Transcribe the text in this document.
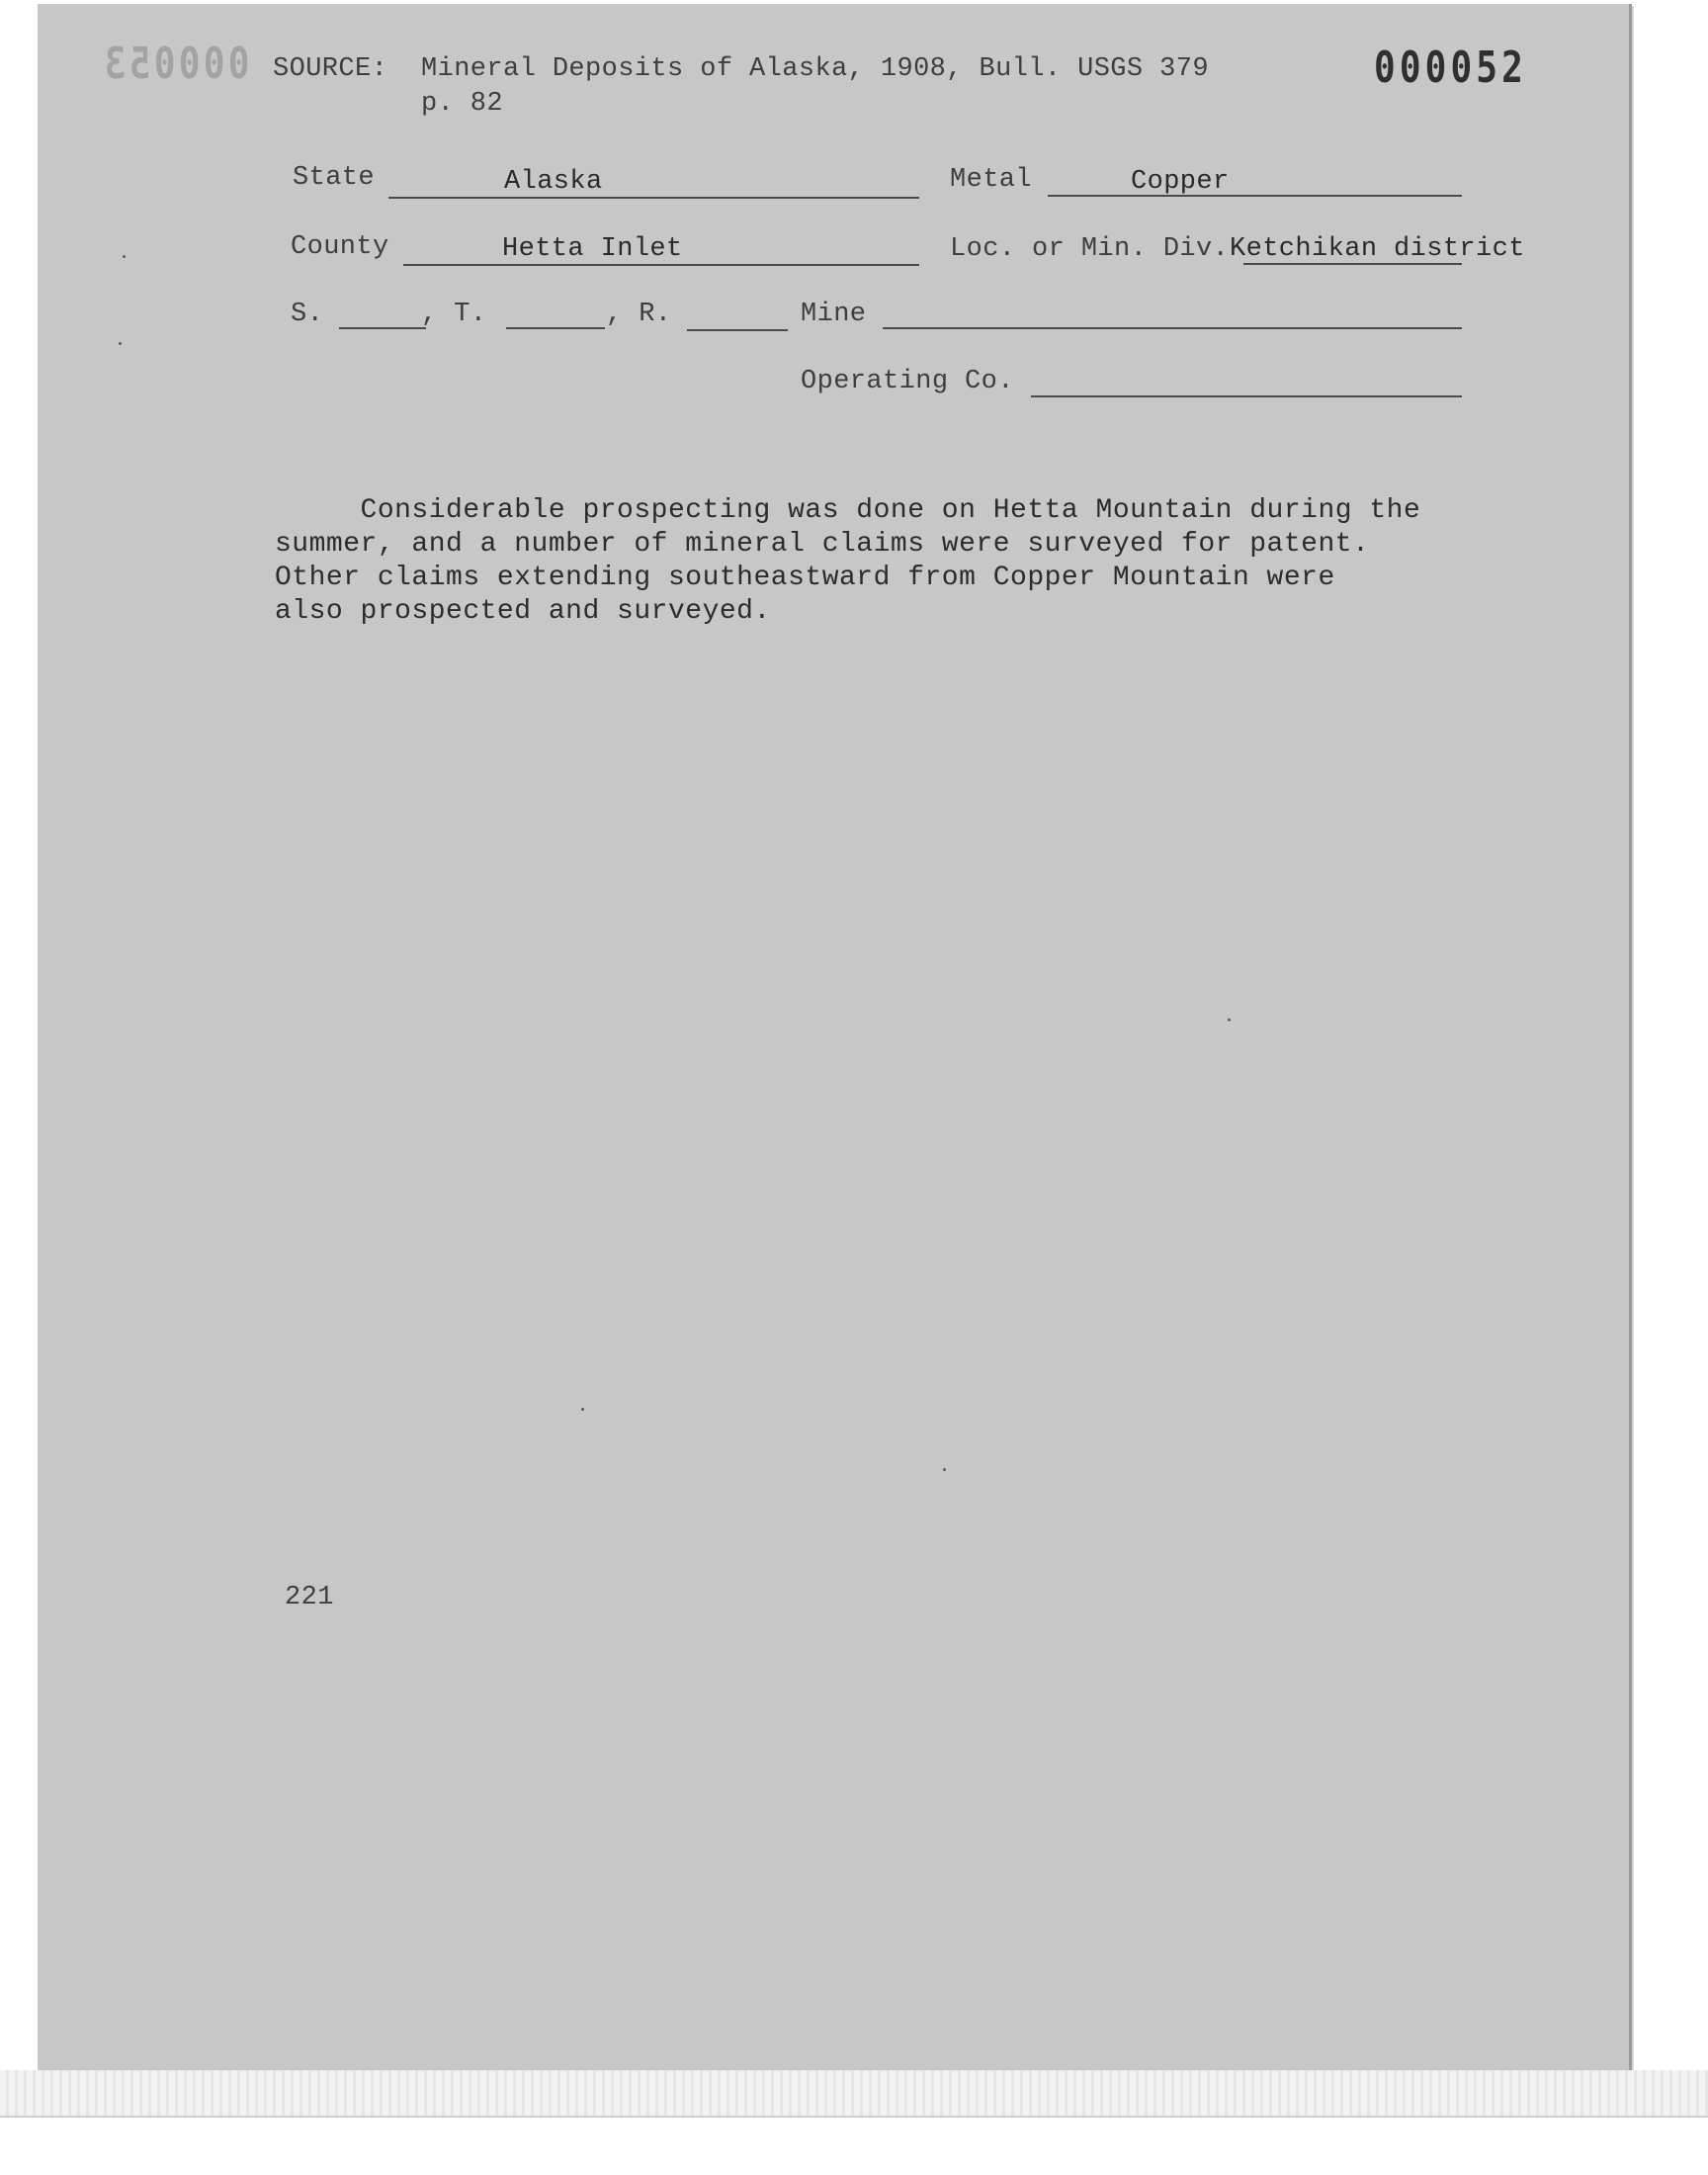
000053 SOURCE: Mineral Deposits of Alaska, 1908, Bull. USGS 379
p. 82
000052
State	Alaska	Metal	Copper
County	Hetta Inlet	Loc. or Min. Div. Ketchikan district
S.	, T.	, R.	Mine
Operating Co.
Considerable prospecting was done on Hetta Mountain during the
summer, and a number of mineral claims were surveyed for patent.
Other claims extending southeastward from Copper Mountain were
also prospected and surveyed.
221
